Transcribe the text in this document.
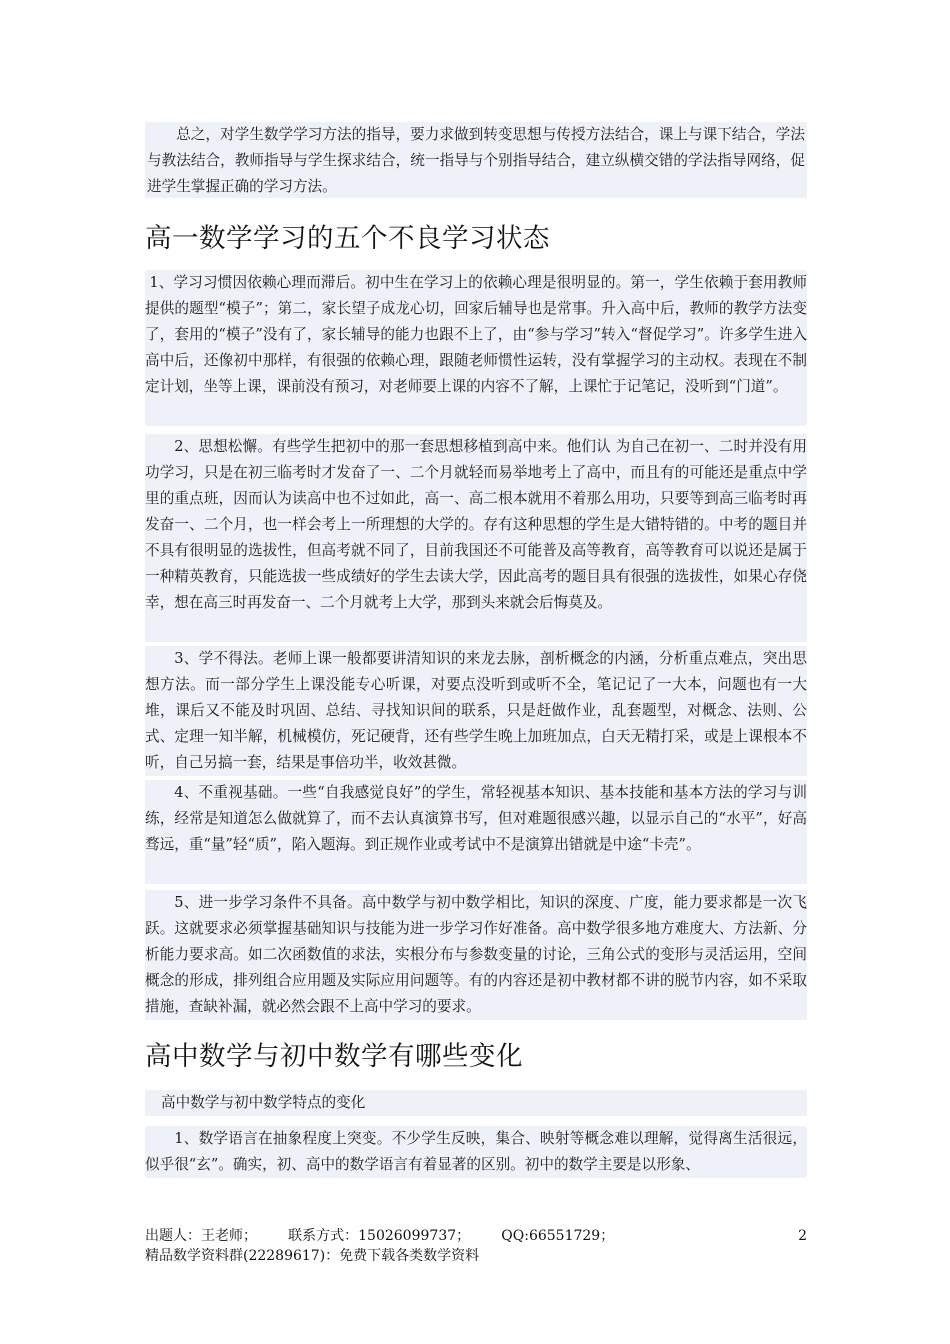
总之，对学生数学学习方法的指导，要力求做到转变思想与传授方法结合，课上与课下结合，学法与教法结合，教师指导与学生探求结合，统一指导与个别指导结合，建立纵横交错的学法指导网络，促进学生掌握正确的学习方法。

高一数学学习的五个不良学习状态

1、学习习惯因依赖心理而滞后。初中生在学习上的依赖心理是很明显的。第一，学生依赖于套用教师提供的题型“模子”；第二，家长望子成龙心切，回家后辅导也是常事。升入高中后，教师的教学方法变了，套用的“模子”没有了，家长辅导的能力也跟不上了，由“参与学习”转入“督促学习”。许多学生进入高中后，还像初中那样，有很强的依赖心理，跟随老师惯性运转，没有掌握学习的主动权。表现在不制定计划，坐等上课，课前没有预习，对老师要上课的内容不了解，上课忙于记笔记，没听到“门道”。

2、思想松懈。有些学生把初中的那一套思想移植到高中来。他们认 为自己在初一、二时并没有用功学习，只是在初三临考时才发奋了一、二个月就轻而易举地考上了高中，而且有的可能还是重点中学里的重点班，因而认为读高中也不过如此，高一、高二根本就用不着那么用功，只要等到高三临考时再发奋一、二个月，也一样会考上一所理想的大学的。存有这种思想的学生是大错特错的。中考的题目并不具有很明显的选拔性，但高考就不同了，目前我国还不可能普及高等教育，高等教育可以说还是属于一种精英教育，只能选拔一些成绩好的学生去读大学，因此高考的题目具有很强的选拔性，如果心存侥幸，想在高三时再发奋一、二个月就考上大学，那到头来就会后悔莫及。

3、学不得法。老师上课一般都要讲清知识的来龙去脉，剖析概念的内涵，分析重点难点，突出思想方法。而一部分学生上课没能专心听课，对要点没听到或听不全，笔记记了一大本，问题也有一大堆，课后又不能及时巩固、总结、寻找知识间的联系，只是赶做作业，乱套题型，对概念、法则、公式、定理一知半解，机械模仿，死记硬背，还有些学生晚上加班加点，白天无精打采，或是上课根本不听，自己另搞一套，结果是事倍功半，收效甚微。

4、不重视基础。一些“自我感觉良好”的学生，常轻视基本知识、基本技能和基本方法的学习与训练，经常是知道怎么做就算了，而不去认真演算书写，但对难题很感兴趣，以显示自己的“水平”，好高骛远，重“量”轻“质”，陷入题海。到正规作业或考试中不是演算出错就是中途“卡壳”。

5、进一步学习条件不具备。高中数学与初中数学相比，知识的深度、广度，能力要求都是一次飞跃。这就要求必须掌握基础知识与技能为进一步学习作好准备。高中数学很多地方难度大、方法新、分析能力要求高。如二次函数值的求法，实根分布与参数变量的讨论，三角公式的变形与灵活运用，空间概念的形成，排列组合应用题及实际应用问题等。有的内容还是初中教材都不讲的脱节内容，如不采取措施，查缺补漏，就必然会跟不上高中学习的要求。

高中数学与初中数学有哪些变化

高中数学与初中数学特点的变化

1、数学语言在抽象程度上突变。不少学生反映，集合、映射等概念难以理解，觉得离生活很远，似乎很“玄”。确实，初、高中的数学语言有着显著的区别。初中的数学主要是以形象、

出题人：王老师；       联系方式：15026099737；       QQ:66551729；
精品数学资料群(22289617)：免费下载各类数学资料
2
